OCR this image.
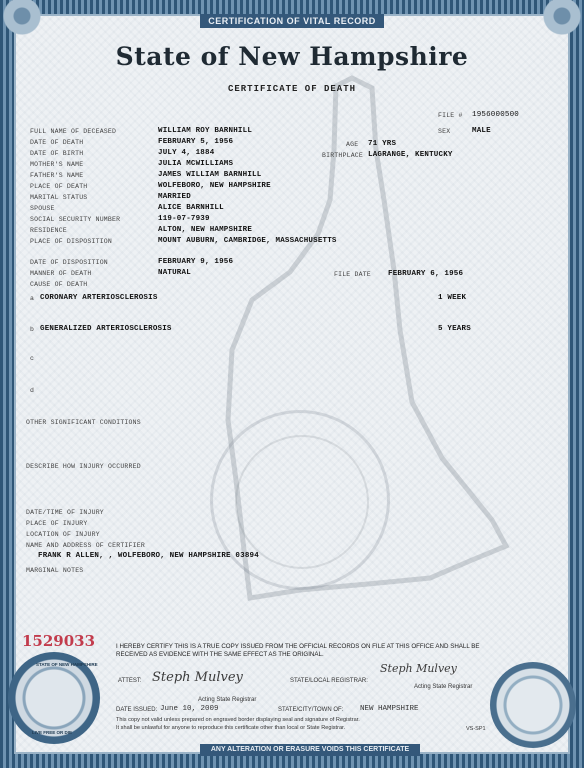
CERTIFICATION OF VITAL RECORD
State of New Hampshire
CERTIFICATE OF DEATH
FILE # 1956000500
FULL NAME OF DECEASED	WILLIAM ROY BARNHILL	SEX	MALE
DATE OF DEATH	FEBRUARY 5, 1956	AGE 71 YRS
DATE OF BIRTH	JULY 4, 1884	BIRTHPLACE LAGRANGE, KENTUCKY
MOTHER'S NAME	JULIA MCWILLIAMS
FATHER'S NAME	JAMES WILLIAM BARNHILL
PLACE OF DEATH	WOLFEBORO, NEW HAMPSHIRE
MARITAL STATUS	MARRIED
SPOUSE	ALICE BARNHILL
SOCIAL SECURITY NUMBER	119-07-7939
RESIDENCE	ALTON, NEW HAMPSHIRE
PLACE OF DISPOSITION	MOUNT AUBURN, CAMBRIDGE, MASSACHUSETTS
DATE OF DISPOSITION	FEBRUARY 9, 1956
MANNER OF DEATH	NATURAL	FILE DATE FEBRUARY 6, 1956
CAUSE OF DEATH
a CORONARY ARTERIOSCLEROSIS	1 WEEK
b GENERALIZED ARTERIOSCLEROSIS	5 YEARS
c
d
OTHER SIGNIFICANT CONDITIONS
DESCRIBE HOW INJURY OCCURRED
DATE/TIME OF INJURY
PLACE OF INJURY
LOCATION OF INJURY
NAME AND ADDRESS OF CERTIFIER
FRANK R ALLEN, , WOLFEBORO, NEW HAMPSHIRE 03894
MARGINAL NOTES
1529033	I HEREBY CERTIFY THIS IS A TRUE COPY ISSUED FROM THE OFFICIAL RECORDS ON FILE AT THIS OFFICE AND SHALL BE RECEIVED AS EVIDENCE WITH THE SAME EFFECT AS THE ORIGINAL.
ATTEST: Steph Mulvey
Acting State Registrar
STATE/LOCAL REGISTRAR:
Steph Mulvey
Acting State Registrar
DATE ISSUED: June 10, 2009	STATE/CITY/TOWN OF: NEW HAMPSHIRE
This copy not valid unless prepared on engraved border displaying seal and signature of Registrar.
It shall be unlawful for anyone to reproduce this certificate other than local or State Registrar.	VS-SP1
STATE OF NEW HAMPSHIRE
LIVE FREE OR DIE
ANY ALTERATION OR ERASURE VOIDS THIS CERTIFICATE
